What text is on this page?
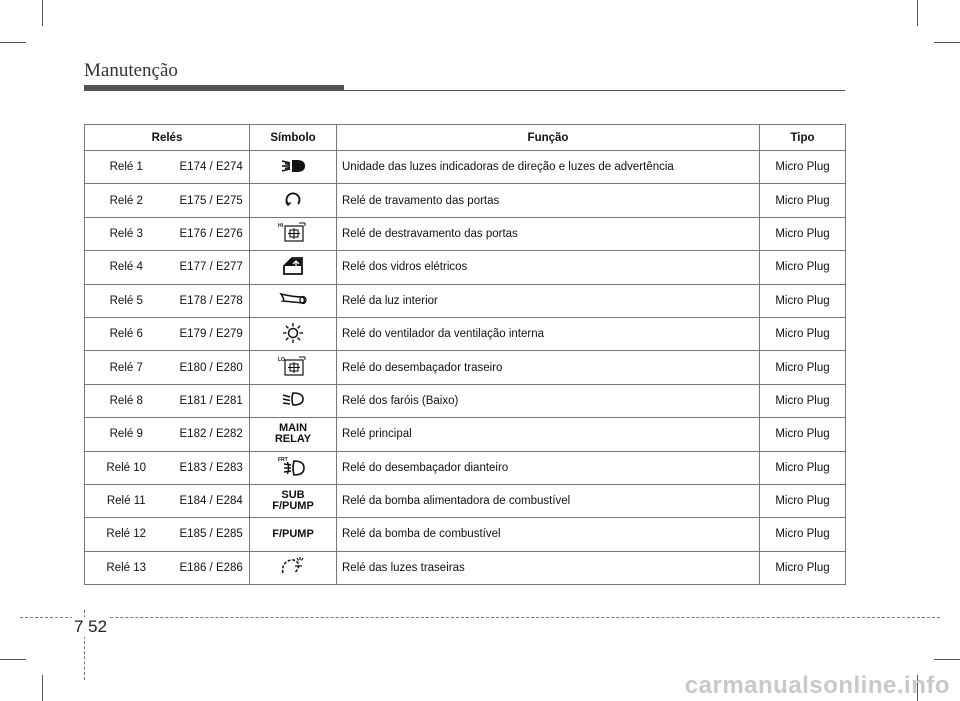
Manutenção
Relés		Símbolo	Função	Tipo
Relé 1	E174 / E274		Unidade das luzes indicadoras de direção e luzes de advertência	Micro Plug
Relé 2	E175 / E275		Relé de travamento das portas	Micro Plug
Relé 3	E176 / E276	HI	Relé de destravamento das portas	Micro Plug
Relé 4	E177 / E277		Relé dos vidros elétricos	Micro Plug
Relé 5	E178 / E278		Relé da luz interior	Micro Plug
Relé 6	E179 / E279		Relé do ventilador da ventilação interna	Micro Plug
Relé 7	E180 / E280	LO	Relé do desembaçador traseiro	Micro Plug
Relé 8	E181 / E281		Relé dos faróis (Baixo)	Micro Plug
Relé 9	E182 / E282	MAIN
RELAY	Relé principal	Micro Plug
Relé 10	E183 / E283	FRT	Relé do desembaçador dianteiro	Micro Plug
Relé 11	E184 / E284	SUB
F/PUMP	Relé da bomba alimentadora de combustível	Micro Plug
Relé 12	E185 / E285	F/PUMP	Relé da bomba de combustível	Micro Plug
Relé 13	E186 / E286		Relé das luzes traseiras	Micro Plug
7 52
carmanualsonline.info
